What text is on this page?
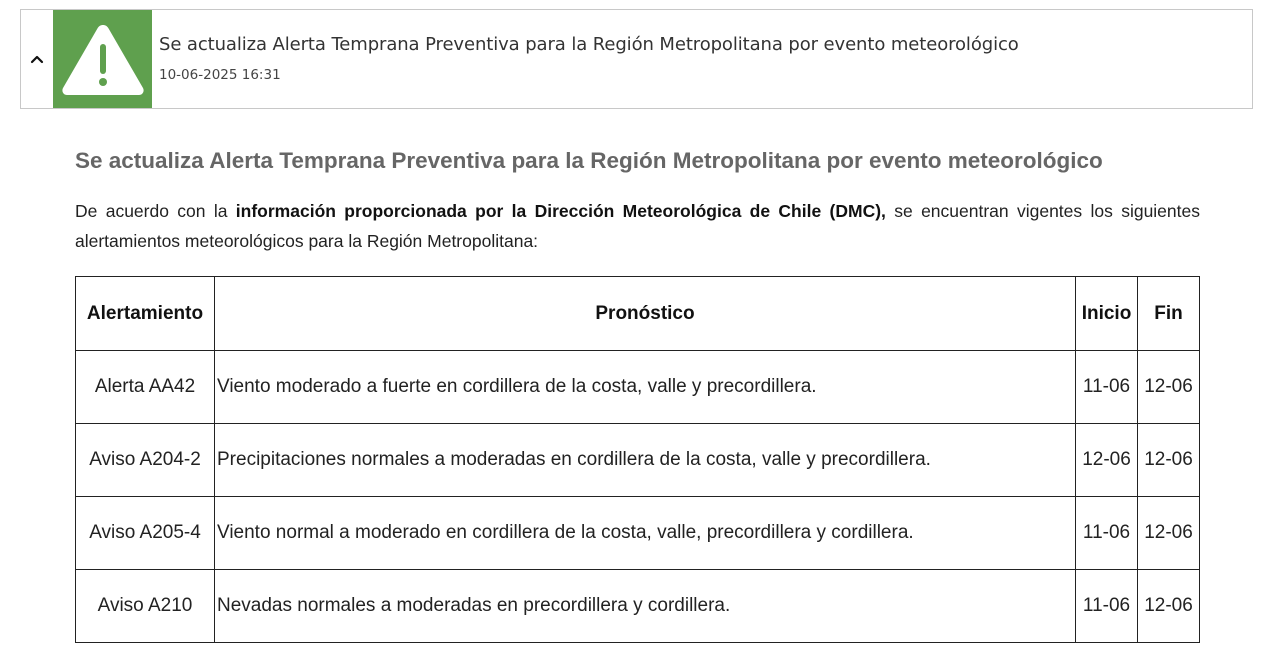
Se actualiza Alerta Temprana Preventiva para la Región Metropolitana por evento meteorológico
10-06-2025 16:31
Se actualiza Alerta Temprana Preventiva para la Región Metropolitana por evento meteorológico

De acuerdo con la información proporcionada por la Dirección Meteorológica de Chile (DMC), se encuentran vigentes los siguientes alertamientos meteorológicos para la Región Metropolitana:

Alertamiento	Pronóstico	Inicio	Fin
Alerta AA42	Viento moderado a fuerte en cordillera de la costa, valle y precordillera.	11-06	12-06
Aviso A204-2	Precipitaciones normales a moderadas en cordillera de la costa, valle y precordillera.	12-06	12-06
Aviso A205-4	Viento normal a moderado en cordillera de la costa, valle, precordillera y cordillera.	11-06	12-06
Aviso A210	Nevadas normales a moderadas en precordillera y cordillera.	11-06	12-06
